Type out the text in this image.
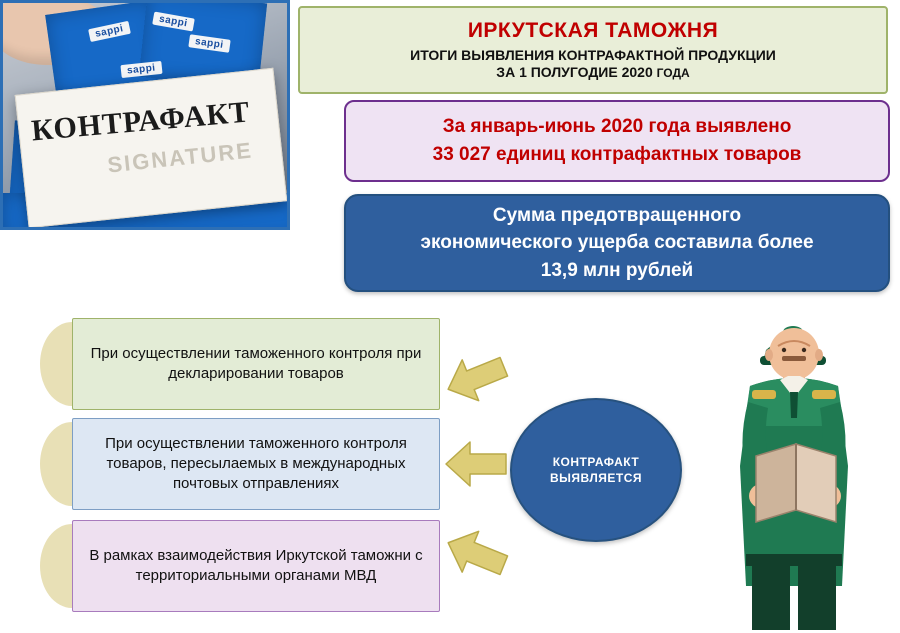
sappi
sappi
sappi
sappi
КОНТРАФАКТ
SIGNATURE
ИРКУТСКАЯ ТАМОЖНЯ
ИТОГИ ВЫЯВЛЕНИЯ КОНТРАФАКТНОЙ ПРОДУКЦИИ
ЗА 1 ПОЛУГОДИЕ 2020 ГОДА
За январь-июнь 2020 года выявлено
33 027 единиц контрафактных товаров
Сумма предотвращенного
экономического ущерба составила более
13,9 млн рублей
При осуществлении таможенного контроля при декларировании товаров
При осуществлении таможенного контроля товаров, пересылаемых в международных почтовых отправлениях
В рамках взаимодействия Иркутской таможни с территориальными органами МВД
КОНТРАФАКТ
ВЫЯВЛЯЕТСЯ
